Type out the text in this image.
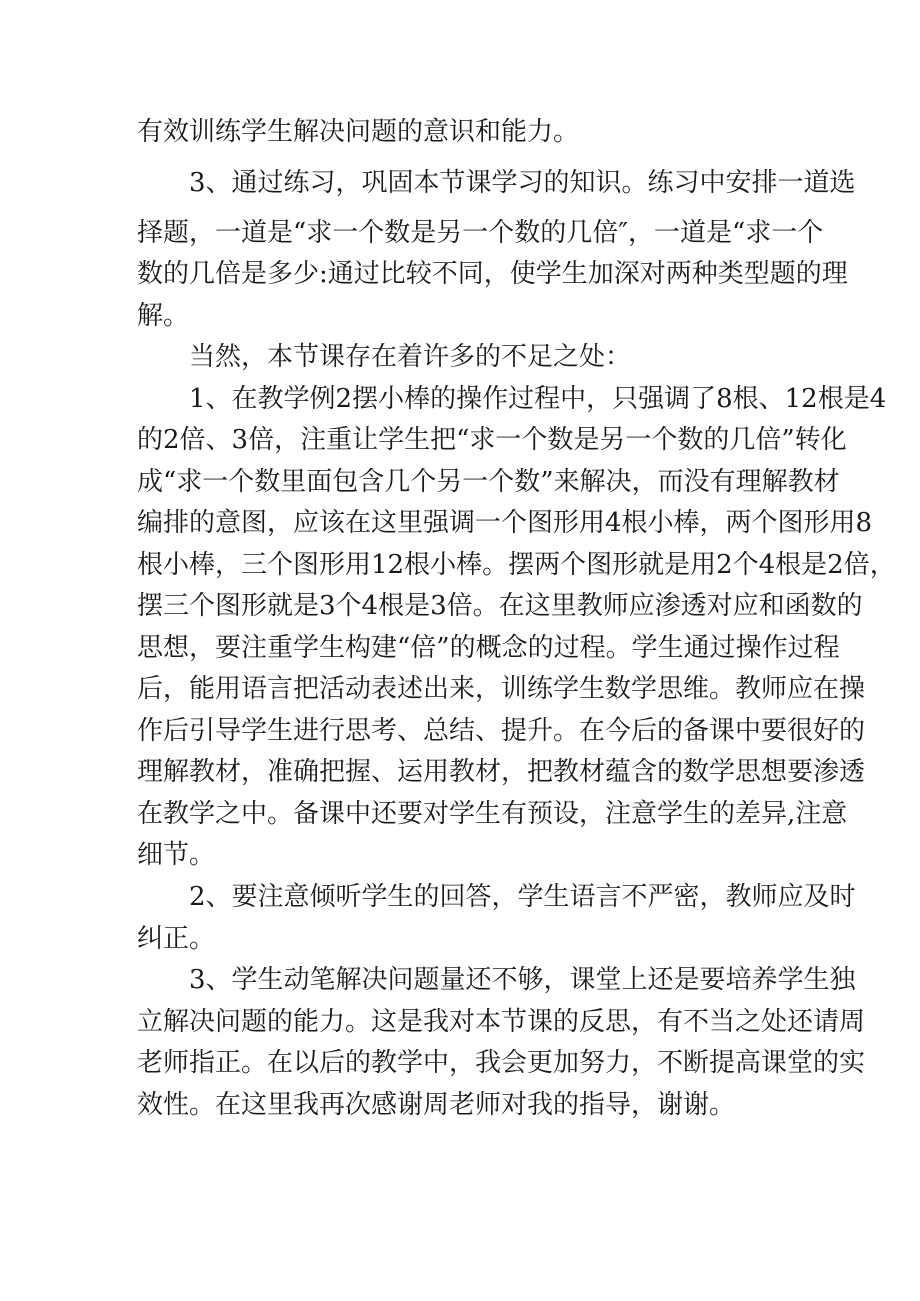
有效训练学生解决问题的意识和能力。

3、通过练习，巩固本节课学习的知识。练习中安排一道选

择题，一道是“求一个数是另一个数的几倍″，一道是“求一个

数的几倍是多少:通过比较不同，使学生加深对两种类型题的理

解。

当然，本节课存在着许多的不足之处：

1、在教学例2摆小棒的操作过程中，只强调了8根、12根是4

的2倍、3倍，注重让学生把“求一个数是另一个数的几倍”转化

成“求一个数里面包含几个另一个数”来解决，而没有理解教材

编排的意图，应该在这里强调一个图形用4根小棒，两个图形用8

根小棒，三个图形用12根小棒。摆两个图形就是用2个4根是2倍，

摆三个图形就是3个4根是3倍。在这里教师应渗透对应和函数的

思想，要注重学生构建“倍”的概念的过程。学生通过操作过程

后，能用语言把活动表述出来，训练学生数学思维。教师应在操

作后引导学生进行思考、总结、提升。在今后的备课中要很好的

理解教材，准确把握、运用教材，把教材蕴含的数学思想要渗透

在教学之中。备课中还要对学生有预设，注意学生的差异,注意

细节。

2、要注意倾听学生的回答，学生语言不严密，教师应及时

纠正。

3、学生动笔解决问题量还不够，课堂上还是要培养学生独

立解决问题的能力。这是我对本节课的反思，有不当之处还请周

老师指正。在以后的教学中，我会更加努力，不断提高课堂的实

效性。在这里我再次感谢周老师对我的指导，谢谢。
